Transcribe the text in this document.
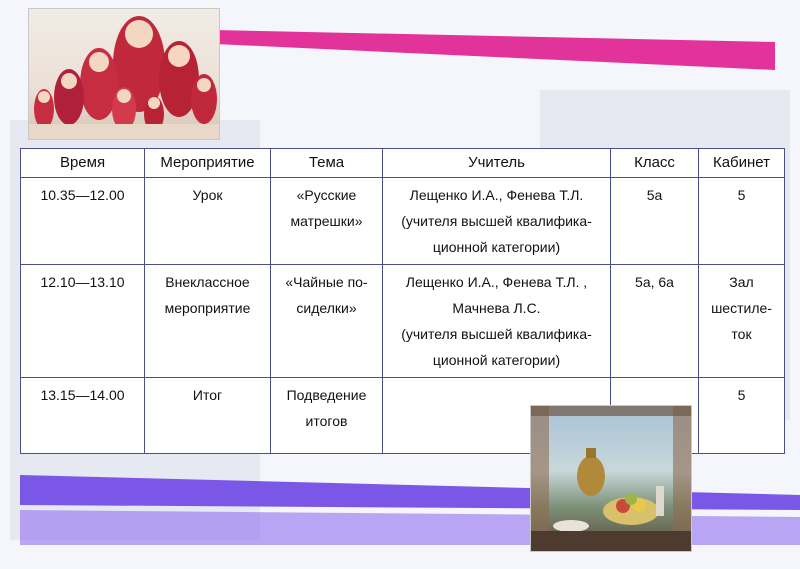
Время	Мероприятие	Тема	Учитель	Класс	Кабинет
10.35—12.00	Урок	«Русские
матрешки»	Лещенко И.А., Фенева Т.Л.
(учителя высшей квалифика-
ционной категории)	5а	5

12.10—13.10	Внеклассное
мероприятие	«Чайные по-
сиделки»	Лещенко И.А., Фенева Т.Л. ,
Мачнева Л.С.
(учителя высшей квалифика-
ционной категории)	5а, 6а	Зал
шестиле-
ток

13.15—14.00	Итог	Подведение
итогов			5
